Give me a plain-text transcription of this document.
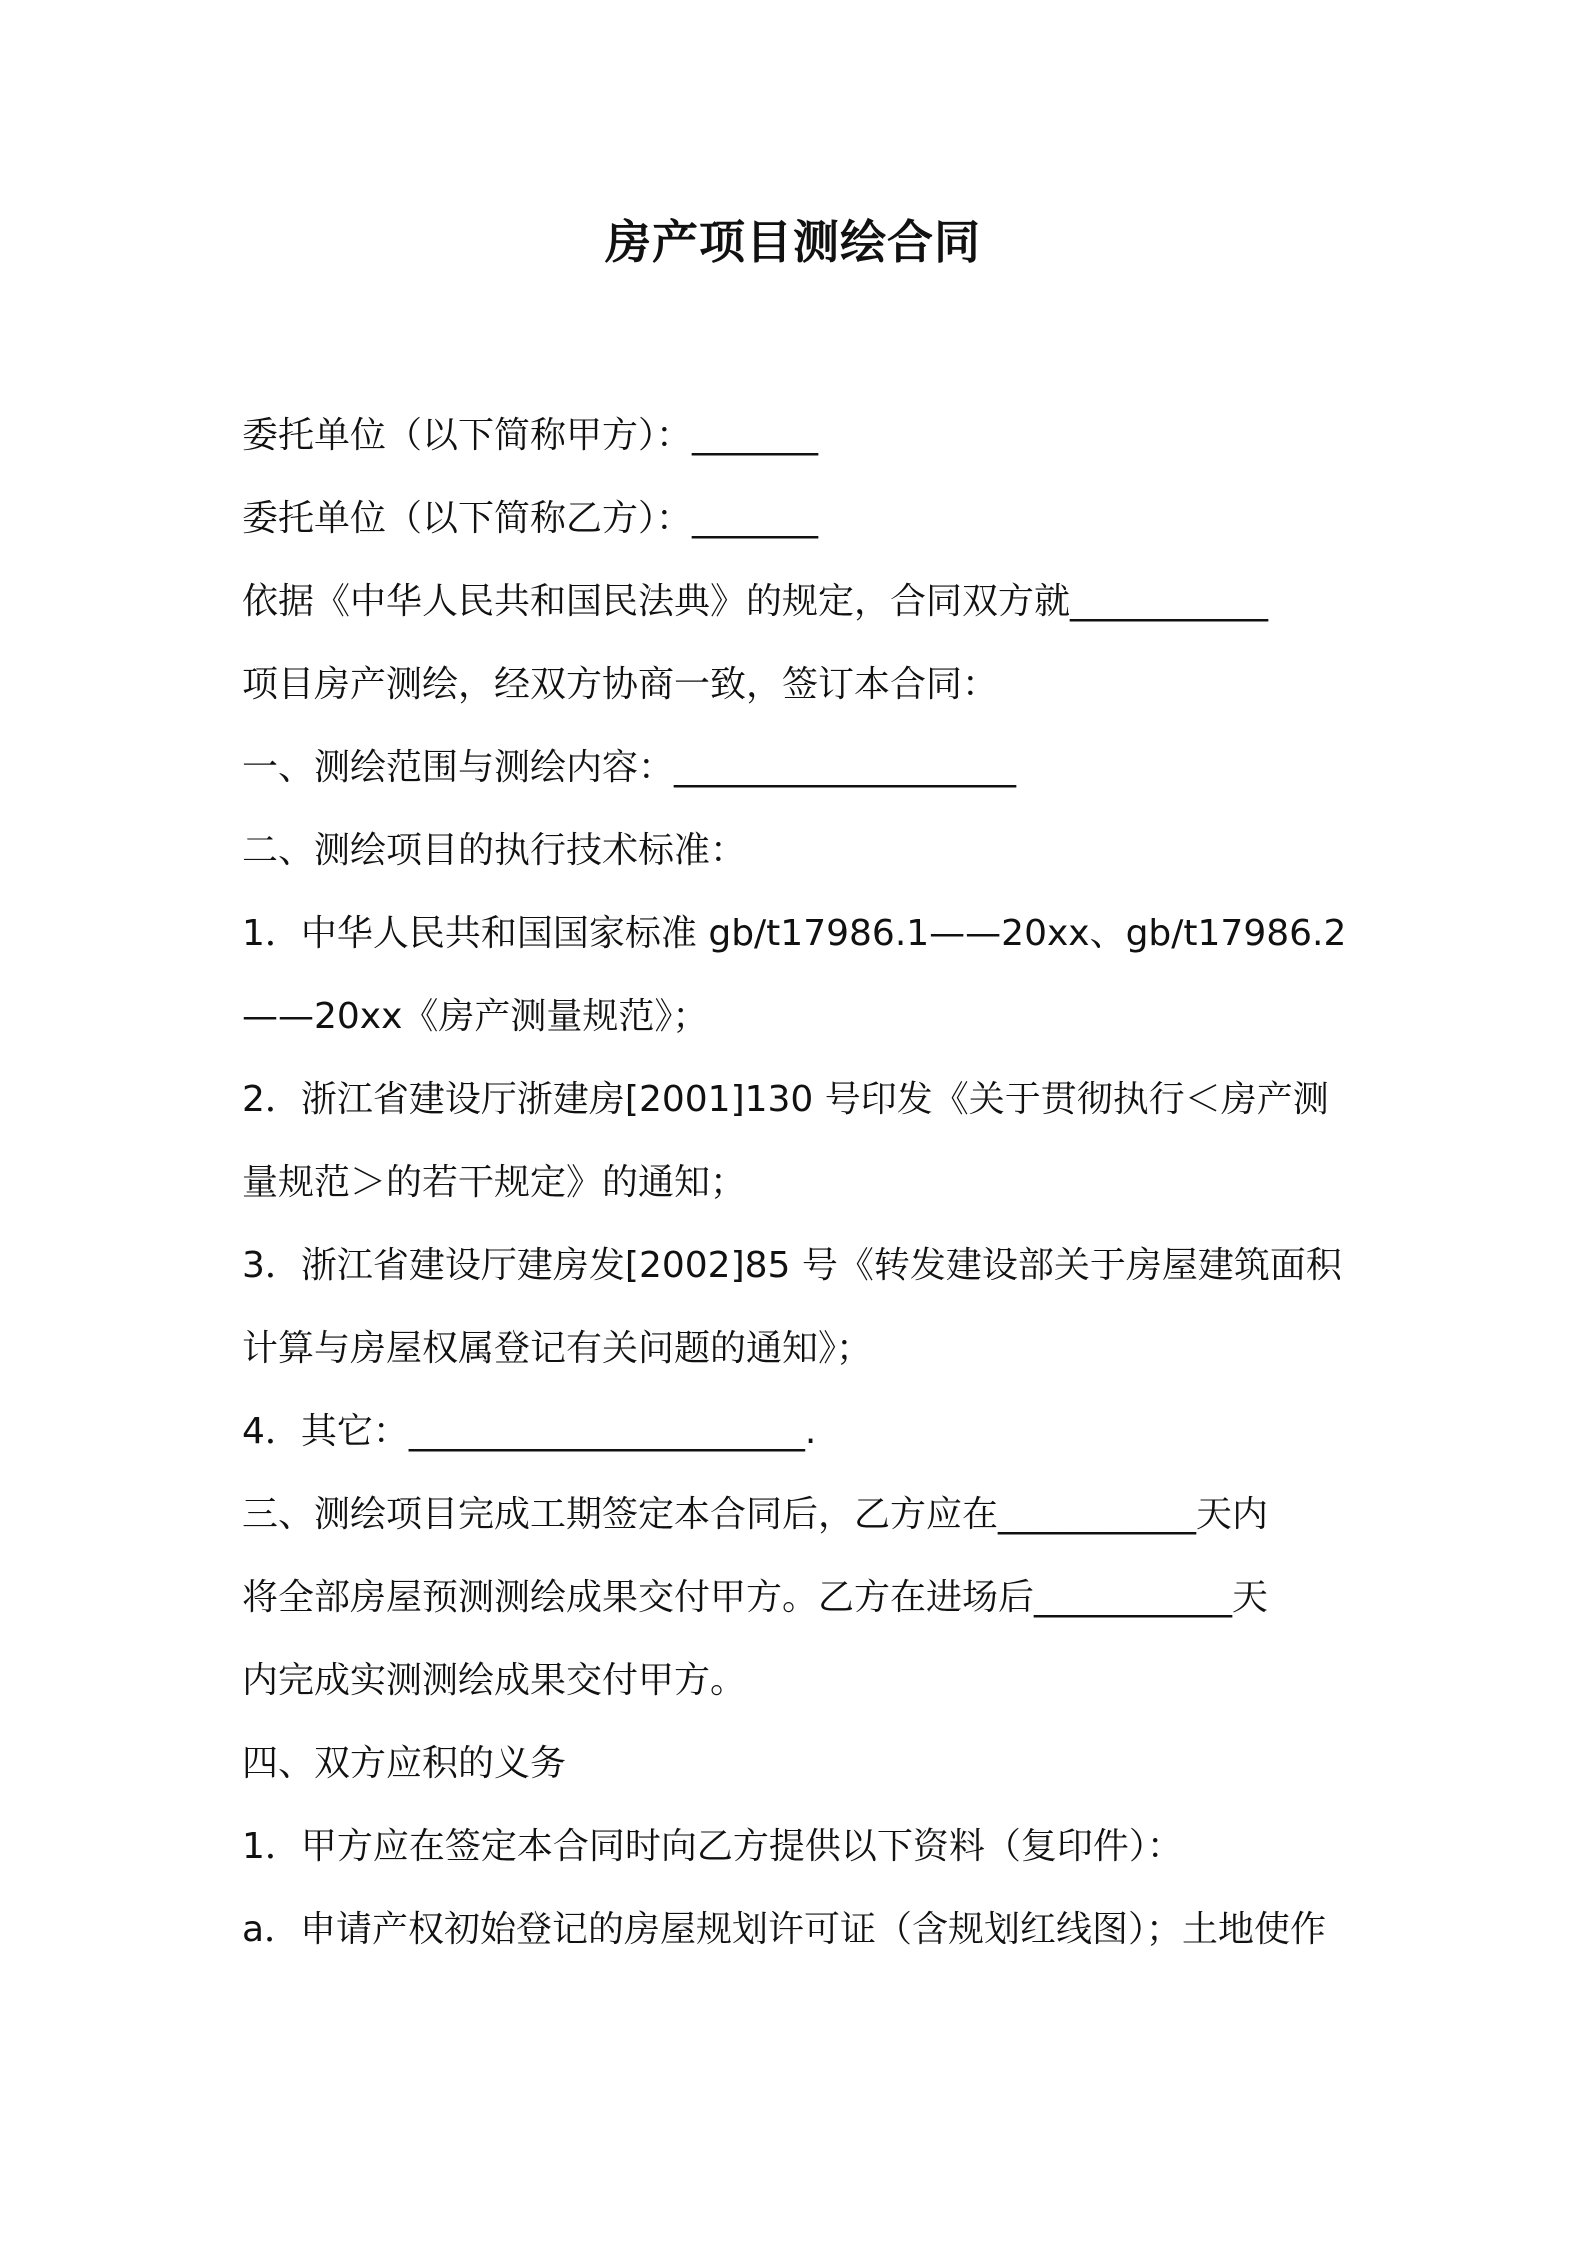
房产项目测绘合同
委托单位（以下简称甲方）：_______
委托单位（以下简称乙方）：_______
依据《中华人民共和国民法典》的规定，合同双方就___________
项目房产测绘，经双方协商一致，签订本合同：
一、测绘范围与测绘内容：___________________
二、测绘项目的执行技术标准：
1．中华人民共和国国家标准 gb/t17986.1——20xx、gb/t17986.2
——20xx《房产测量规范》；
2．浙江省建设厅浙建房[2001]130 号印发《关于贯彻执行＜房产测
量规范＞的若干规定》的通知；
3．浙江省建设厅建房发[2002]85 号《转发建设部关于房屋建筑面积
计算与房屋权属登记有关问题的通知》；
4．其它：______________________.
三、测绘项目完成工期签定本合同后，乙方应在___________天内
将全部房屋预测测绘成果交付甲方。乙方在进场后___________天
内完成实测测绘成果交付甲方。
四、双方应积的义务
1．甲方应在签定本合同时向乙方提供以下资料（复印件）：
a．申请产权初始登记的房屋规划许可证（含规划红线图）；土地使作
